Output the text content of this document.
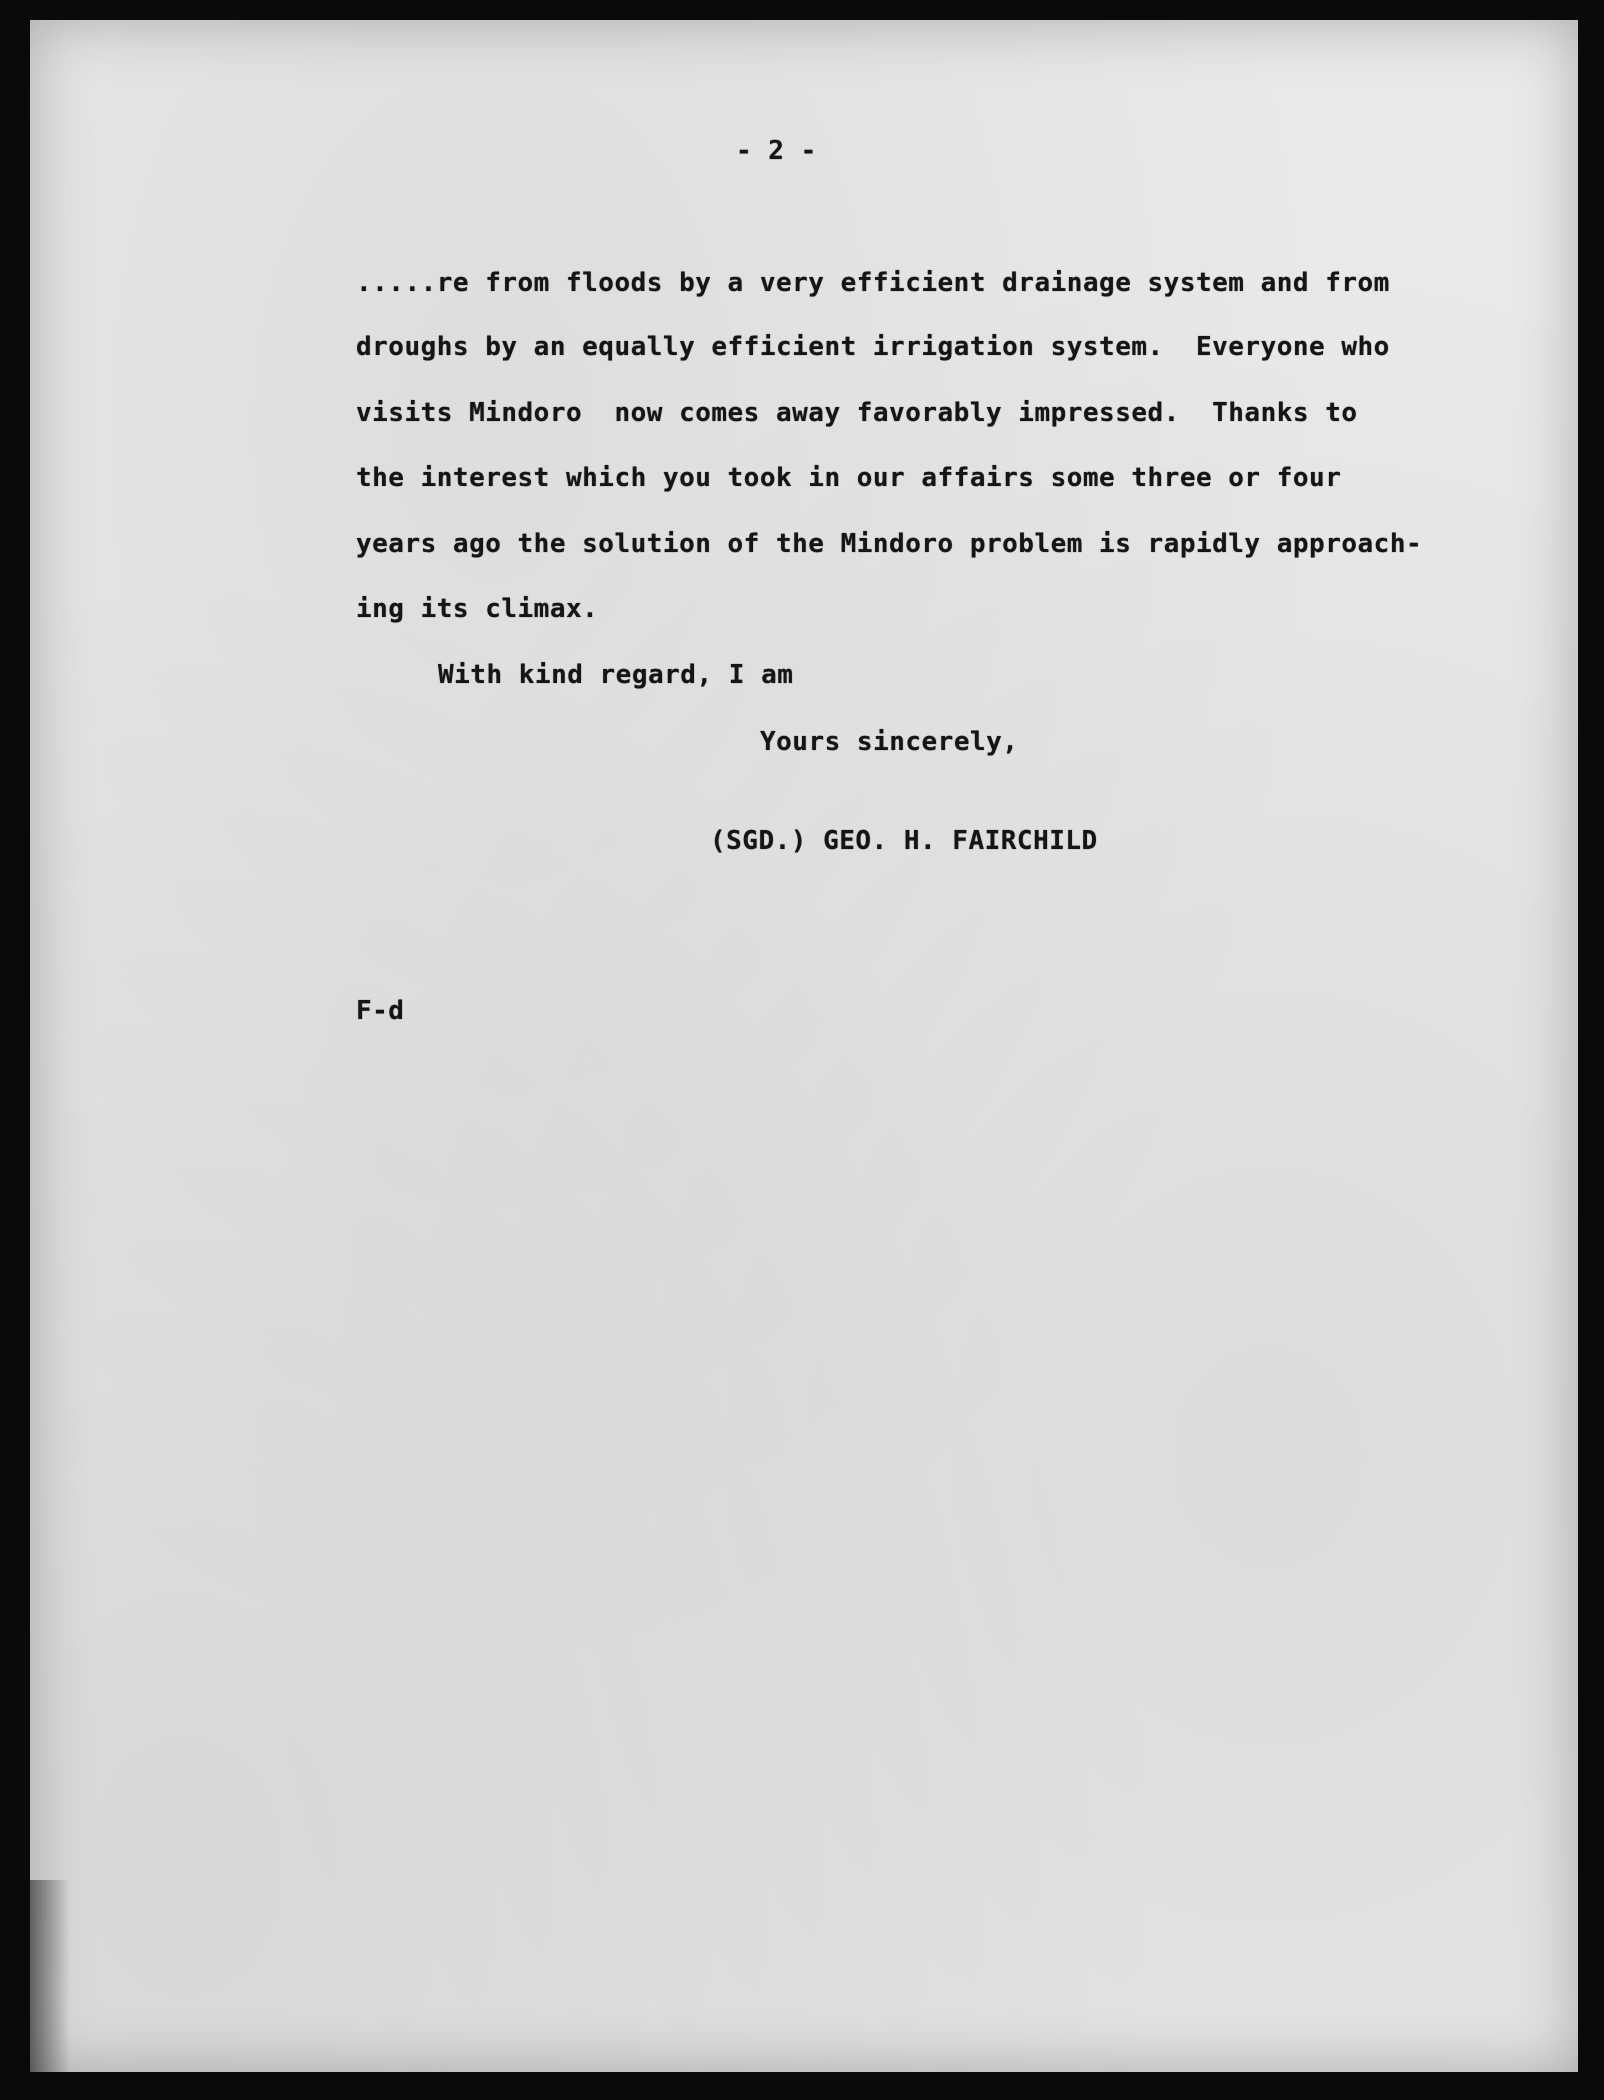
- 2 -
.....re from floods by a very efficient drainage system and from
droughs by an equally efficient irrigation system.  Everyone who
visits Mindoro  now comes away favorably impressed.  Thanks to
the interest which you took in our affairs some three or four
years ago the solution of the Mindoro problem is rapidly approach-
ing its climax.
With kind regard, I am
Yours sincerely,
(SGD.) GEO. H. FAIRCHILD
F-d
